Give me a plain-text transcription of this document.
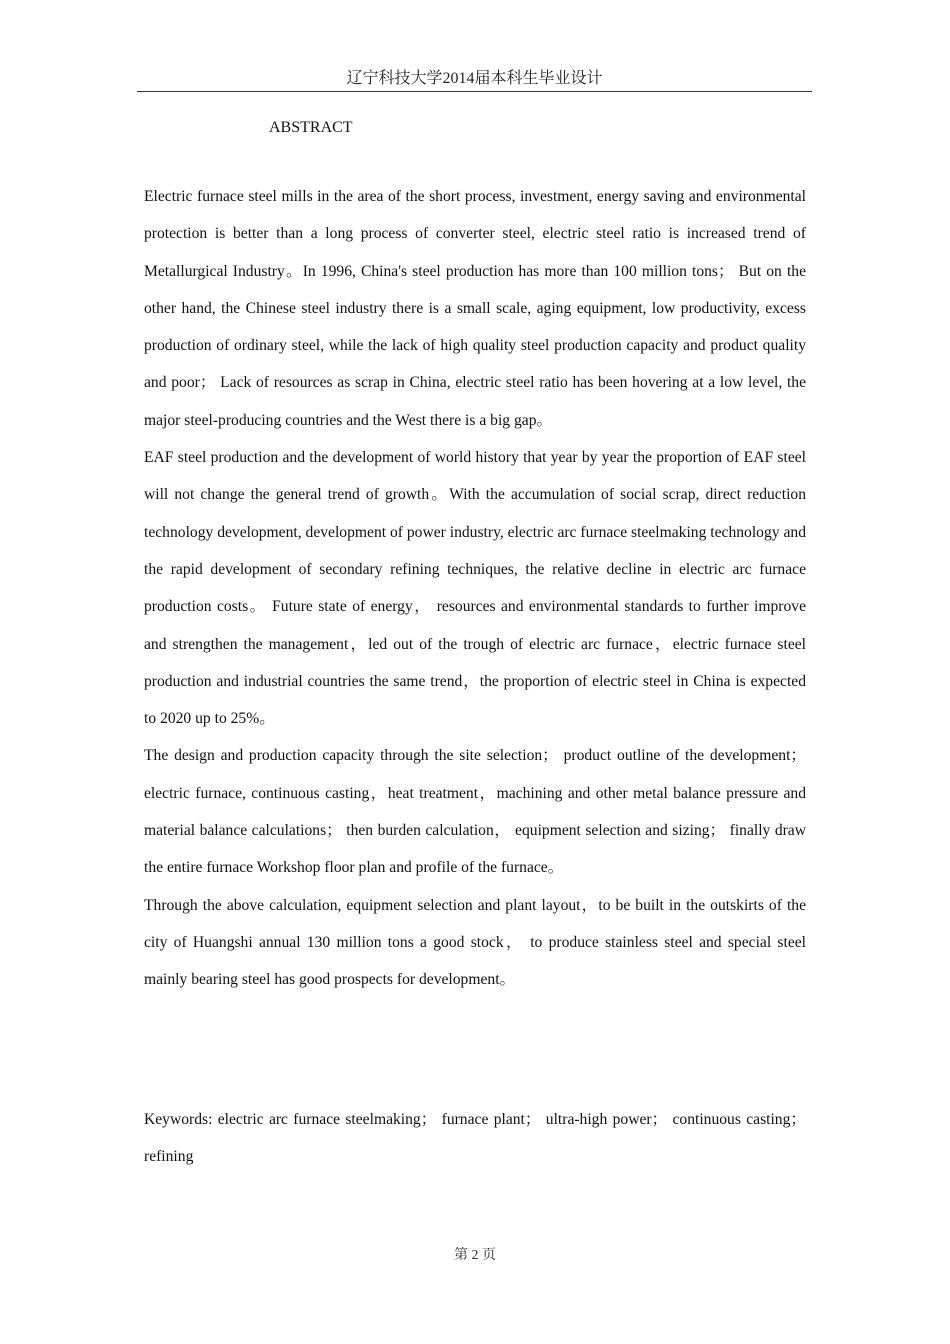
辽宁科技大学2014届本科生毕业设计
ABSTRACT

Electric furnace steel mills in the area of the short process, investment, energy saving and environmental protection is better than a long process of converter steel, electric steel ratio is increased trend of Metallurgical Industry。In 1996, China's steel production has more than 100 million tons； But on the other hand, the Chinese steel industry there is a small scale, aging equipment, low productivity, excess production of ordinary steel, while the lack of high quality steel production capacity and product quality and poor； Lack of resources as scrap in China, electric steel ratio has been hovering at a low level, the major steel-producing countries and the West there is a big gap。

EAF steel production and the development of world history that year by year the proportion of EAF steel will not change the general trend of growth。With the accumulation of social scrap, direct reduction technology development, development of power industry, electric arc furnace steelmaking technology and the rapid development of secondary refining techniques, the relative decline in electric arc furnace production costs。 Future state of energy， resources and environmental standards to further improve and strengthen the management，led out of the trough of electric arc furnace，electric furnace steel production and industrial countries the same trend，the proportion of electric steel in China is expected to 2020 up to 25%。

The design and production capacity through the site selection； product outline of the development；electric furnace, continuous casting，heat treatment，machining and other metal balance pressure and material balance calculations； then burden calculation， equipment selection and sizing； finally draw the entire furnace Workshop floor plan and profile of the furnace。

Through the above calculation, equipment selection and plant layout，to be built in the outskirts of the city of Huangshi annual 130 million tons a good stock， to produce stainless steel and special steel mainly bearing steel has good prospects for development。

Keywords: electric arc furnace steelmaking； furnace plant； ultra-high power； continuous casting；refining

第 2 页
